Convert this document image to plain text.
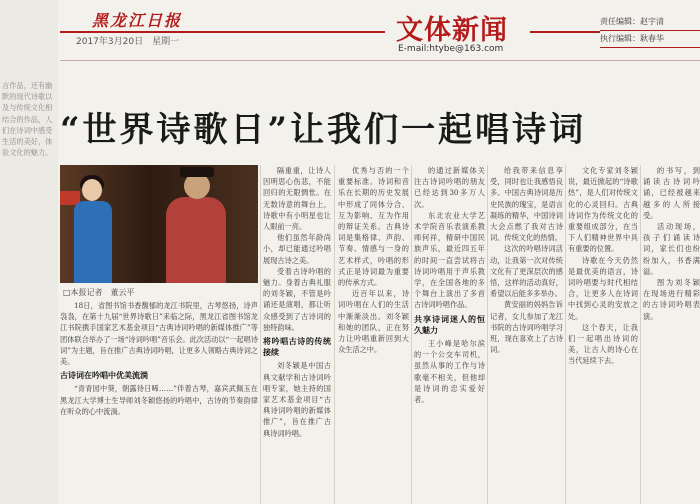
言作品，还有幽默的现代诗歌以及与传统文化相结合的作品，人们在诗词中感受生活的美好，体验文化的魅力。
黑龙江日报
2017年3月20日　星期一	文体新闻
E-mail:htybe@163.com
责任编辑：赵宇清
执行编辑：耿春华
“世界诗歌日”让我们一起唱诗词
□本报记者　董云平

18日，省图书馆书香馥郁的龙江书院里，古琴悠扬，诗声袅袅，在第十九届“世界诗歌日”来临之际，黑龙江省图书馆龙江书院携手国家艺术基金项目“古典诗词吟唱的新媒体推广”等团体联合举办了一场“诗词吟唱”音乐会。此次活动以“一起唱诗词”为主题，旨在推广古典诗词吟唱，让更多人领略古典诗词之美。

古诗词在吟唱中优美流淌

“青青园中葵，朝露待日晞……”伴着古琴，嘉宾武佩玉在黑龙江大学博士生导师刘冬颖悠扬的吟唱中，古诗的节奏韵律在听众的心中流淌。

隔重重，让诗人因明思心伤悲，不能回归的无限惆怅。在无数诗意的舞台上，诗歌中有小明星也让人眼前一亮。

他们虽然年龄尚小，却已能通过吟唱展现古诗之美。

受着古诗吟唱的魅力。身着古典礼服的刘冬颖，不管是吟诵还是演唱，都让听众感受到了古诗词的独特韵味。

将吟唱古诗的传统接续

刘冬颖是中国古典文献学和古诗词吟唱专家，她主持的国家艺术基金项目“古典诗词吟唱的新媒体推广”，旨在推广古典诗词吟唱。

优秀与否的一个重要标准。诗词和音乐在长期的历史发展中形成了同体分合、互为影响、互为作用的辩证关系。古典诗词是集格律、声韵、节奏、情感与一身的艺术样式，吟唱的形式正是诗词最为重要的传承方式。

近百年以来，诗词吟唱在人们的生活中渐渐淡出。刘冬颖和她的团队，正在努力让吟唱重新回到大众生活之中。

的通过新媒体关注古诗词吟唱的朋友已经达到30多万人次。

东北农业大学艺术学院音乐表演系教师何祥，精研中国民族声乐，最近四五年的时间一直尝试将古诗词吟唱用于声乐教学，在全国各地的多个舞台上演出了多首古诗词吟唱作品。

共享诗词迷人的恒久魅力

王小峰是哈尔滨的一个公交车司机，虽然从事的工作与诗歌毫不相关，但他却是诗词的忠实爱好者。

给我带来信息享受，同时也让我感悟良多。中国古典诗词是历史民族的瑰宝，是语言凝练的精华，中国诗词大会点燃了我对古诗词、传统文化的热情。

这次的吟唱诗词活动，让我第一次对传统文化有了更深层次的感悟，这样的活动真好，希望以后能多多举办。

黄安丽的妈妈告诉记者，女儿参加了龙江书院的古诗词吟唱学习班，现在喜欢上了古诗词。

文化专家刘冬颖说，最近掀起的“诗歌热”，是人们对传统文化的心灵回归。古典诗词作为传统文化的重要组成部分，在当下人们精神世界中具有重要的位置。

诗歌在今天仍然是最优美的语言，诗词吟唱要与时代相结合，让更多人在诗词中找到心灵的安放之处。

这个春天，让我们一起唱出诗词的美，让古人的诗心在当代延续下去。

的书写，到诵读古诗词吟诵，已经被越来越多的人所接受。

活动现场，孩子们诵读诗词，家长们也纷纷加入，书香满溢。

图为刘冬颖在现场进行精彩的古诗词吟唱表演。
